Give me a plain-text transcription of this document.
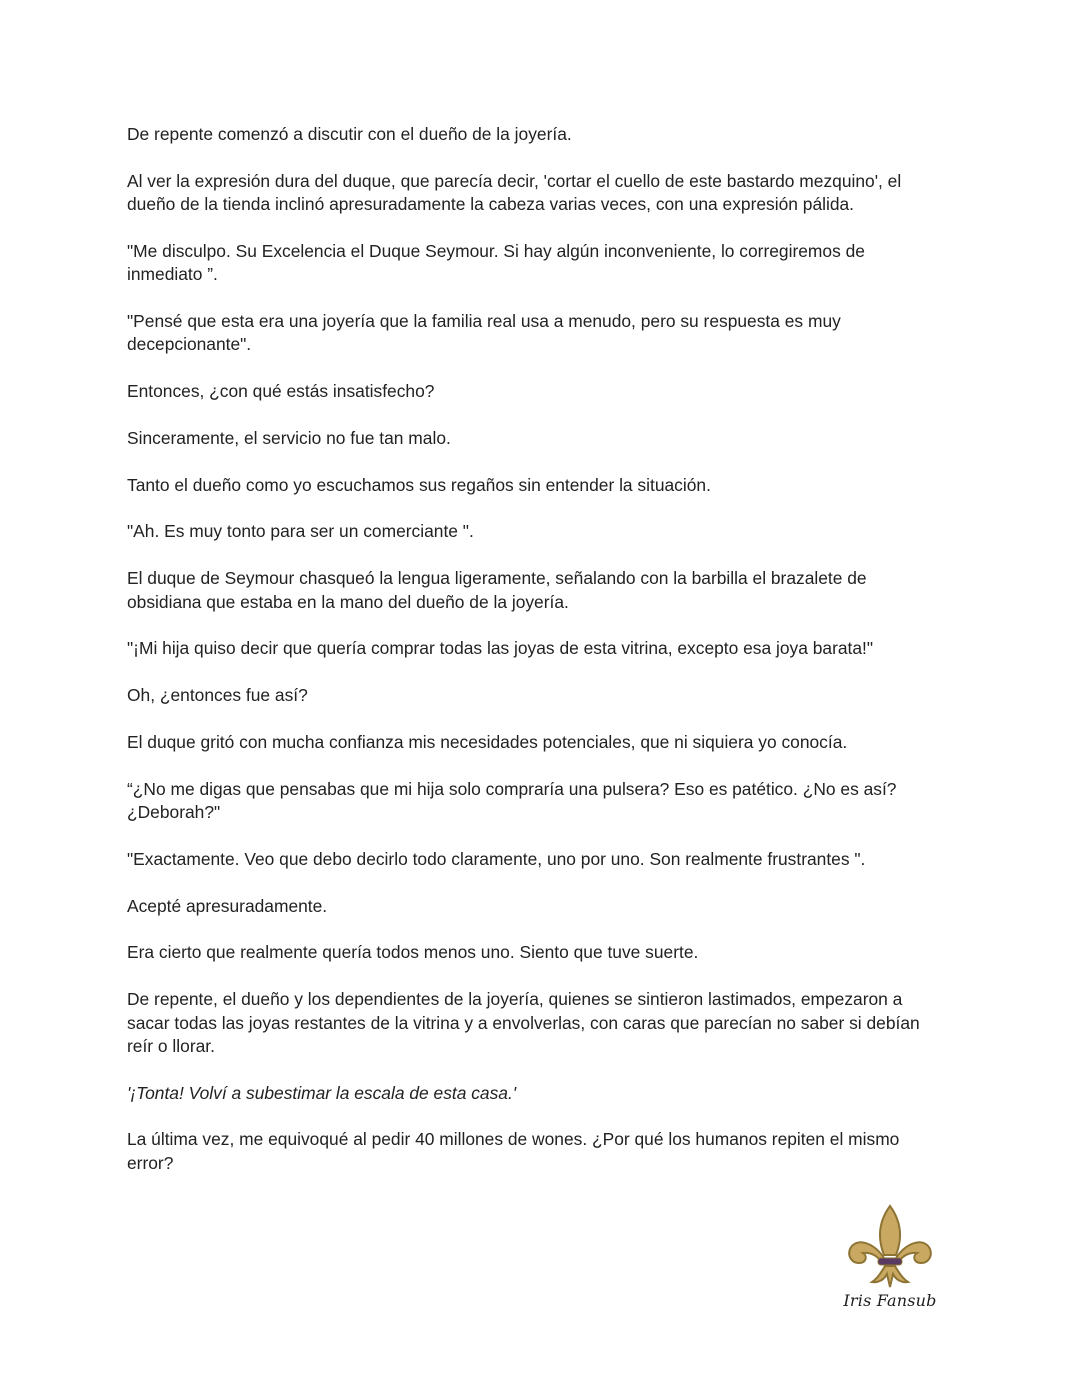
De repente comenzó a discutir con el dueño de la joyería.

Al ver la expresión dura del duque, que parecía decir, 'cortar el cuello de este bastardo mezquino', el dueño de la tienda inclinó apresuradamente la cabeza varias veces, con una expresión pálida.

"Me disculpo. Su Excelencia el Duque Seymour. Si hay algún inconveniente, lo corregiremos de inmediato ”.

"Pensé que esta era una joyería que la familia real usa a menudo, pero su respuesta es muy decepcionante".

Entonces, ¿con qué estás insatisfecho?

Sinceramente, el servicio no fue tan malo.

Tanto el dueño como yo escuchamos sus regaños sin entender la situación.

"Ah. Es muy tonto para ser un comerciante ".

El duque de Seymour chasqueó la lengua ligeramente, señalando con la barbilla el brazalete de obsidiana que estaba en la mano del dueño de la joyería.

"¡Mi hija quiso decir que quería comprar todas las joyas de esta vitrina, excepto esa joya barata!"

Oh, ¿entonces fue así?

El duque gritó con mucha confianza mis necesidades potenciales, que ni siquiera yo conocía.

“¿No me digas que pensabas que mi hija solo compraría una pulsera? Eso es patético. ¿No es así? ¿Deborah?"

"Exactamente. Veo que debo decirlo todo claramente, uno por uno. Son realmente frustrantes ".

Acepté apresuradamente.

Era cierto que realmente quería todos menos uno. Siento que tuve suerte.

De repente, el dueño y los dependientes de la joyería, quienes se sintieron lastimados, empezaron a sacar todas las joyas restantes de la vitrina y a envolverlas, con caras que parecían no saber si debían reír o llorar.

'¡Tonta! Volví a subestimar la escala de esta casa.'

La última vez, me equivoqué al pedir 40 millones de wones. ¿Por qué los humanos repiten el mismo error?

Iris Fansub
